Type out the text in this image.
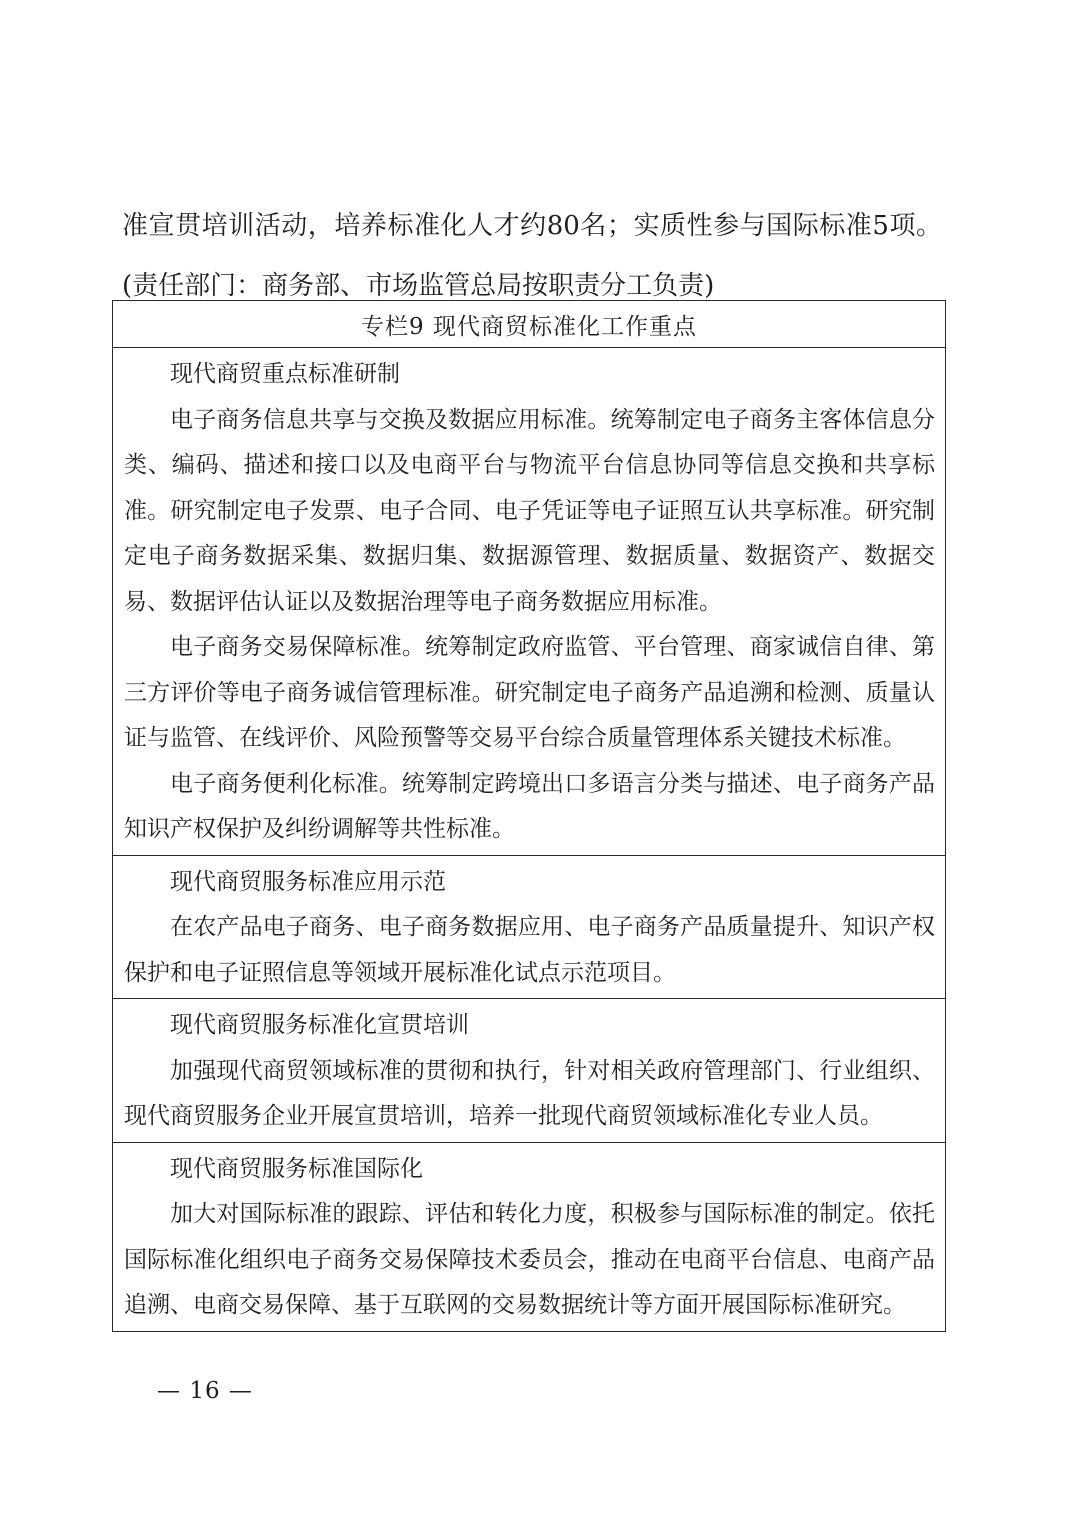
准宣贯培训活动，培养标准化人才约80名；实质性参与国际标准5项。(责任部门：商务部、市场监管总局按职责分工负责)

专栏9 现代商贸标准化工作重点

现代商贸重点标准研制

电子商务信息共享与交换及数据应用标准。统筹制定电子商务主客体信息分类、编码、描述和接口以及电商平台与物流平台信息协同等信息交换和共享标准。研究制定电子发票、电子合同、电子凭证等电子证照互认共享标准。研究制定电子商务数据采集、数据归集、数据源管理、数据质量、数据资产、数据交易、数据评估认证以及数据治理等电子商务数据应用标准。

电子商务交易保障标准。统筹制定政府监管、平台管理、商家诚信自律、第三方评价等电子商务诚信管理标准。研究制定电子商务产品追溯和检测、质量认证与监管、在线评价、风险预警等交易平台综合质量管理体系关键技术标准。

电子商务便利化标准。统筹制定跨境出口多语言分类与描述、电子商务产品知识产权保护及纠纷调解等共性标准。

现代商贸服务标准应用示范

在农产品电子商务、电子商务数据应用、电子商务产品质量提升、知识产权保护和电子证照信息等领域开展标准化试点示范项目。

现代商贸服务标准化宣贯培训

加强现代商贸领域标准的贯彻和执行，针对相关政府管理部门、行业组织、现代商贸服务企业开展宣贯培训，培养一批现代商贸领域标准化专业人员。

现代商贸服务标准国际化

加大对国际标准的跟踪、评估和转化力度，积极参与国际标准的制定。依托国际标准化组织电子商务交易保障技术委员会，推动在电商平台信息、电商产品追溯、电商交易保障、基于互联网的交易数据统计等方面开展国际标准研究。

— 16 —
